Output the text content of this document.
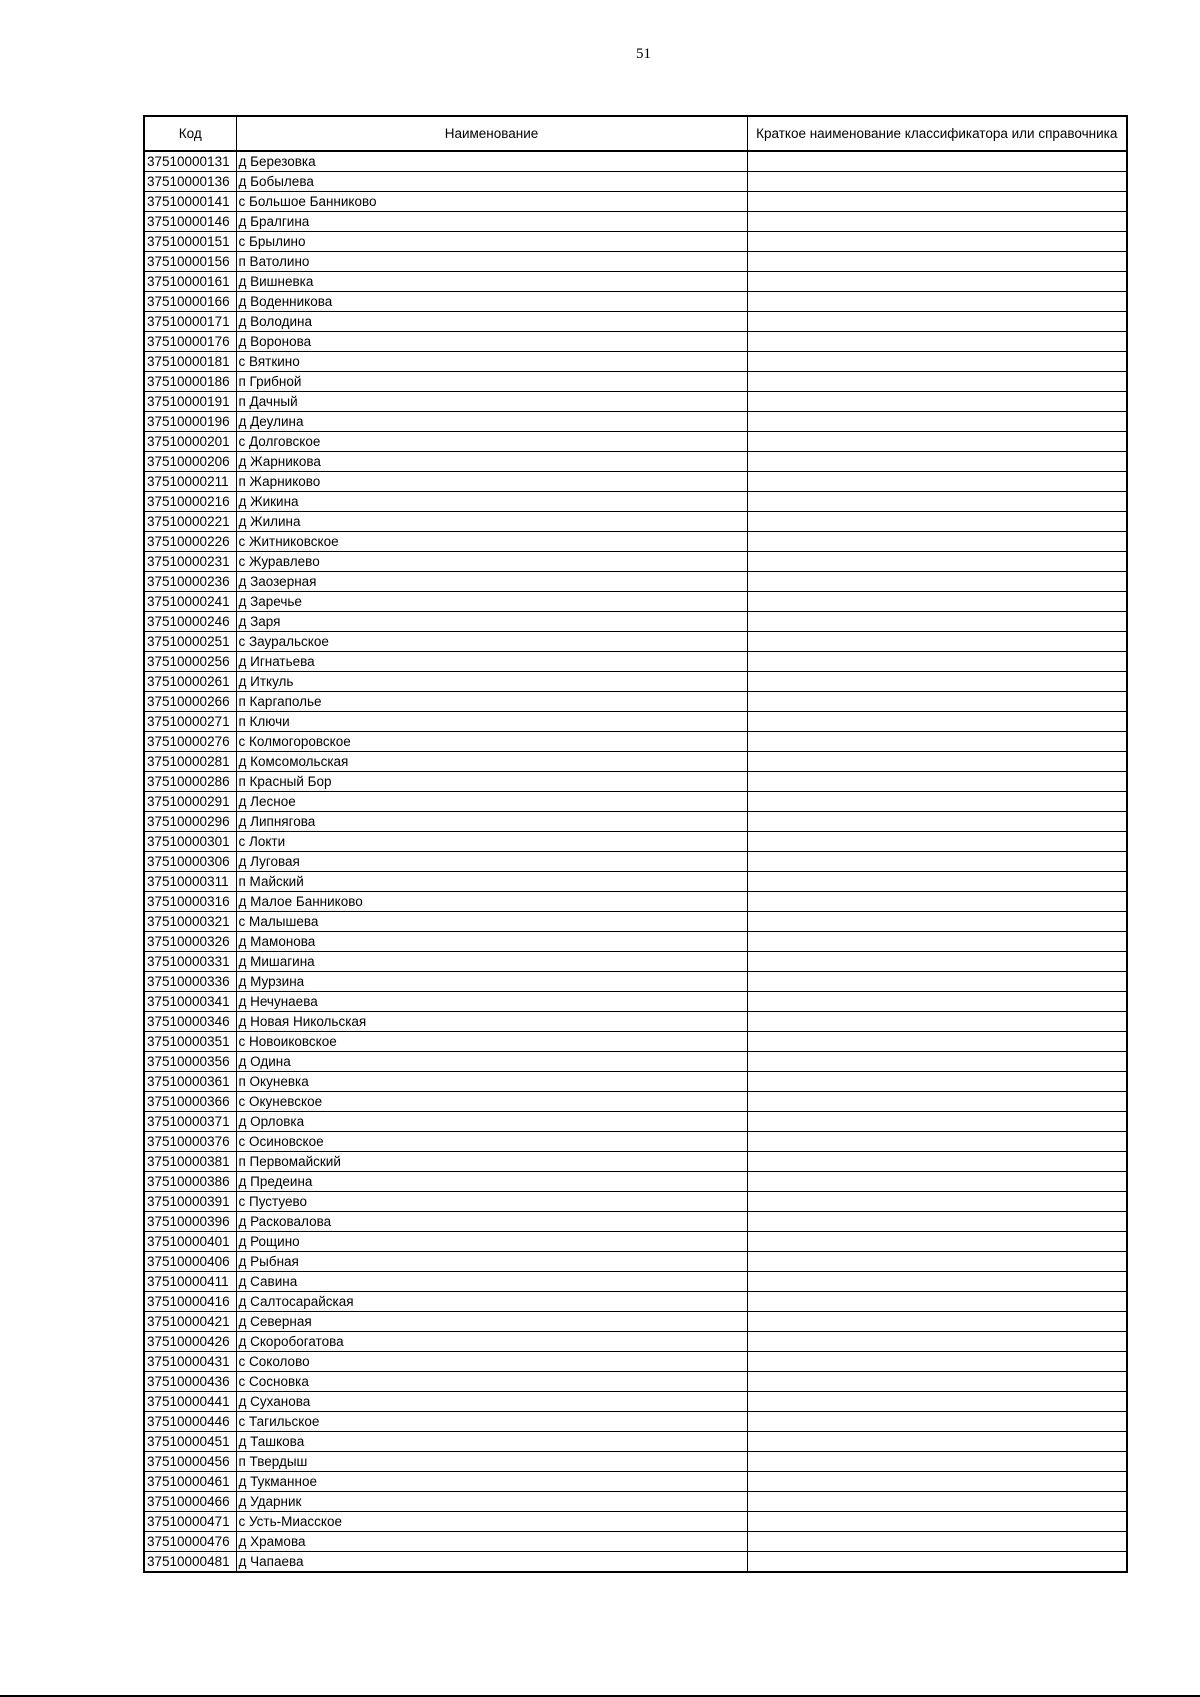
51
Код	Наименование	Краткое наименование классификатора или справочника
37510000131	д Березовка	
37510000136	д Бобылева	
37510000141	с Большое Банниково	
37510000146	д Бралгина	
37510000151	с Брылино	
37510000156	п Ватолино	
37510000161	д Вишневка	
37510000166	д Воденникова	
37510000171	д Володина	
37510000176	д Воронова	
37510000181	с Вяткино	
37510000186	п Грибной	
37510000191	п Дачный	
37510000196	д Деулина	
37510000201	с Долговское	
37510000206	д Жарникова	
37510000211	п Жарниково	
37510000216	д Жикина	
37510000221	д Жилина	
37510000226	с Житниковское	
37510000231	с Журавлево	
37510000236	д Заозерная	
37510000241	д Заречье	
37510000246	д Заря	
37510000251	с Зауральское	
37510000256	д Игнатьева	
37510000261	д Иткуль	
37510000266	п Каргаполье	
37510000271	п Ключи	
37510000276	с Колмогоровское	
37510000281	д Комсомольская	
37510000286	п Красный Бор	
37510000291	д Лесное	
37510000296	д Липнягова	
37510000301	с Локти	
37510000306	д Луговая	
37510000311	п Майский	
37510000316	д Малое Банниково	
37510000321	с Малышева	
37510000326	д Мамонова	
37510000331	д Мишагина	
37510000336	д Мурзина	
37510000341	д Нечунаева	
37510000346	д Новая Никольская	
37510000351	с Новоиковское	
37510000356	д Одина	
37510000361	п Окуневка	
37510000366	с Окуневское	
37510000371	д Орловка	
37510000376	с Осиновское	
37510000381	п Первомайский	
37510000386	д Предеина	
37510000391	с Пустуево	
37510000396	д Расковалова	
37510000401	д Рощино	
37510000406	д Рыбная	
37510000411	д Савина	
37510000416	д Салтосарайская	
37510000421	д Северная	
37510000426	д Скоробогатова	
37510000431	с Соколово	
37510000436	с Сосновка	
37510000441	д Суханова	
37510000446	с Тагильское	
37510000451	д Ташкова	
37510000456	п Твердыш	
37510000461	д Тукманное	
37510000466	д Ударник	
37510000471	с Усть-Миасское	
37510000476	д Храмова	
37510000481	д Чапаева	
